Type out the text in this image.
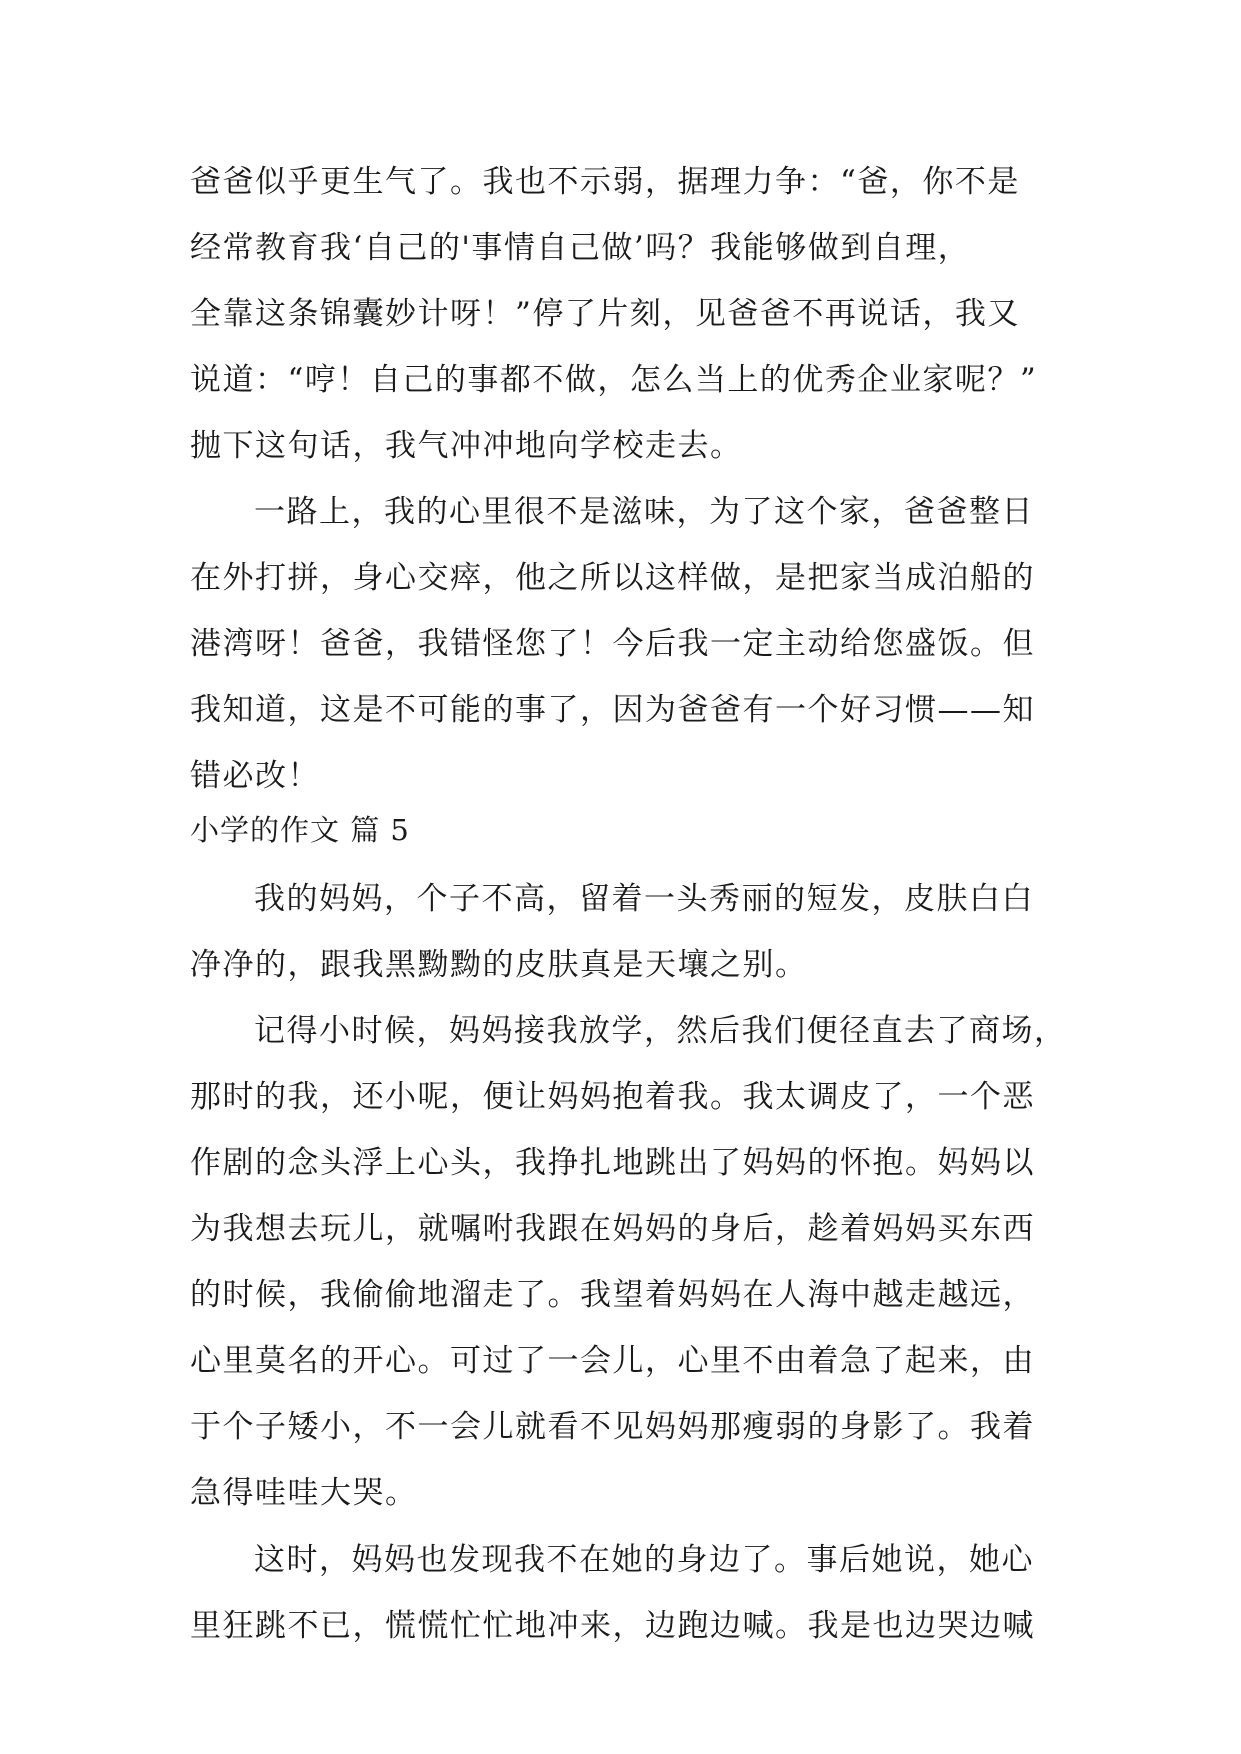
爸爸似乎更生气了。我也不示弱，据理力争：“爸，你不是
经常教育我‘自己的'事情自己做’吗？我能够做到自理，
全靠这条锦囊妙计呀！”停了片刻，见爸爸不再说话，我又
说道：“哼！自己的事都不做，怎么当上的优秀企业家呢？”
抛下这句话，我气冲冲地向学校走去。
一路上，我的心里很不是滋味，为了这个家，爸爸整日
在外打拼，身心交瘁，他之所以这样做，是把家当成泊船的
港湾呀！爸爸，我错怪您了！今后我一定主动给您盛饭。但
我知道，这是不可能的事了，因为爸爸有一个好习惯——知
错必改！
小学的作文 篇 5
我的妈妈，个子不高，留着一头秀丽的短发，皮肤白白
净净的，跟我黑黝黝的皮肤真是天壤之别。
记得小时候，妈妈接我放学，然后我们便径直去了商场，
那时的我，还小呢，便让妈妈抱着我。我太调皮了，一个恶
作剧的念头浮上心头，我挣扎地跳出了妈妈的怀抱。妈妈以
为我想去玩儿，就嘱咐我跟在妈妈的身后，趁着妈妈买东西
的时候，我偷偷地溜走了。我望着妈妈在人海中越走越远，
心里莫名的开心。可过了一会儿，心里不由着急了起来，由
于个子矮小，不一会儿就看不见妈妈那瘦弱的身影了。我着
急得哇哇大哭。
这时，妈妈也发现我不在她的身边了。事后她说，她心
里狂跳不已，慌慌忙忙地冲来，边跑边喊。我是也边哭边喊
